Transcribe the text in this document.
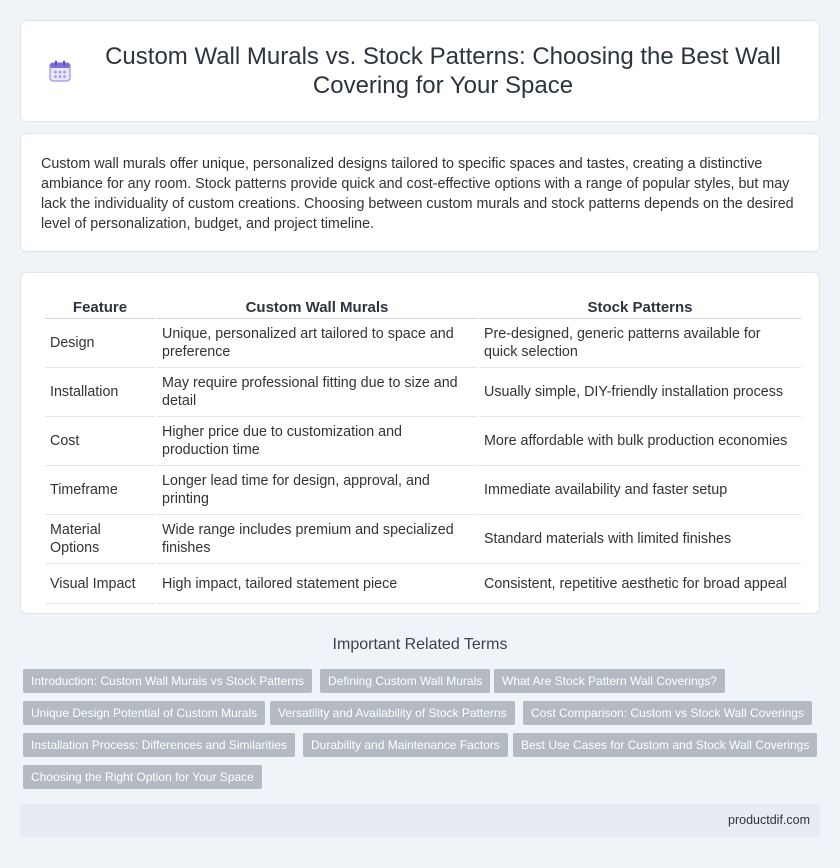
Custom Wall Murals vs. Stock Patterns: Choosing the Best Wall Covering for Your Space

Custom wall murals offer unique, personalized designs tailored to specific spaces and tastes, creating a distinctive ambiance for any room. Stock patterns provide quick and cost-effective options with a range of popular styles, but may lack the individuality of custom creations. Choosing between custom murals and stock patterns depends on the desired level of personalization, budget, and project timeline.

Feature	Custom Wall Murals	Stock Patterns
Design	Unique, personalized art tailored to space and preference	Pre-designed, generic patterns available for quick selection
Installation	May require professional fitting due to size and detail	Usually simple, DIY-friendly installation process
Cost	Higher price due to customization and production time	More affordable with bulk production economies
Timeframe	Longer lead time for design, approval, and printing	Immediate availability and faster setup
Material Options	Wide range includes premium and specialized finishes	Standard materials with limited finishes
Visual Impact	High impact, tailored statement piece	Consistent, repetitive aesthetic for broad appeal
Important Related Terms
Introduction: Custom Wall Murals vs Stock Patterns	Defining Custom Wall Murals	What Are Stock Pattern Wall Coverings?
Unique Design Potential of Custom Murals	Versatility and Availability of Stock Patterns	Cost Comparison: Custom vs Stock Wall Coverings
Installation Process: Differences and Similarities	Durability and Maintenance Factors	Best Use Cases for Custom and Stock Wall Coverings
Choosing the Right Option for Your Space
productdif.com
